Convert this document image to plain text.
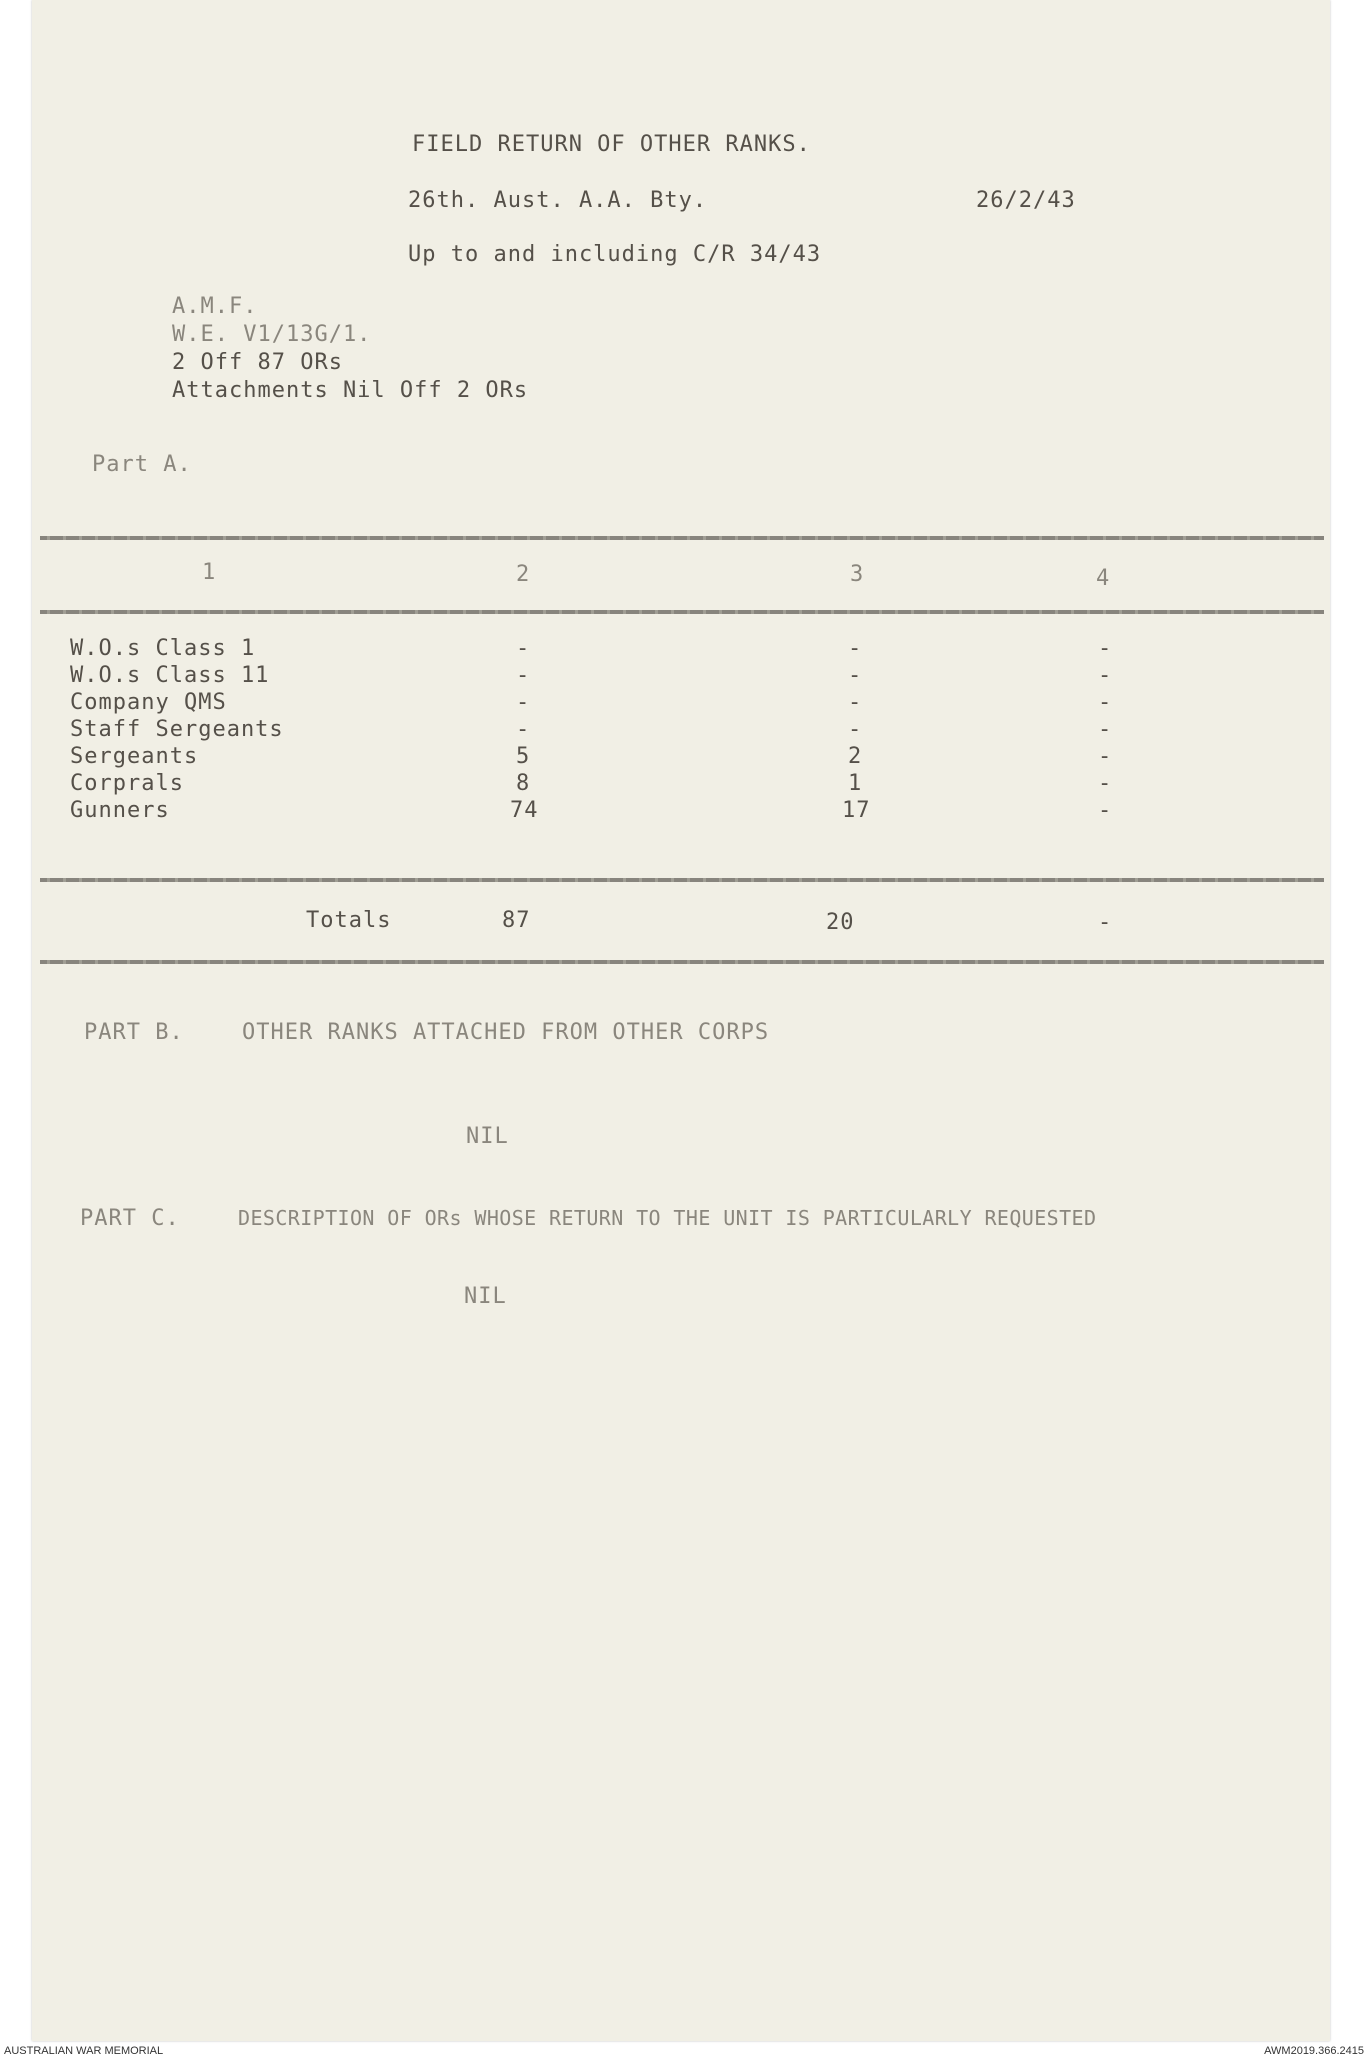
FIELD RETURN OF OTHER RANKS.
26th. Aust. A.A. Bty.	26/2/43
Up to and including C/R 34/43
A.M.F.
W.E. V1/13G/1.
2 Off 87 ORs
Attachments Nil Off 2 ORs
Part A.
1	2	3	4
W.O.s Class 1	-	-	-
W.O.s Class 11	-	-	-
Company QMS	-	-	-
Staff Sergeants	-	-	-
Sergeants	5	2	-
Corprals	8	1	-
Gunners	74	17	-
Totals	87	20	-
PART B.	OTHER RANKS ATTACHED FROM OTHER CORPS
NIL
PART C.	DESCRIPTION OF ORs WHOSE RETURN TO THE UNIT IS PARTICULARLY REQUESTED
NIL
AUSTRALIAN WAR MEMORIAL	AWM2019.366.2415
